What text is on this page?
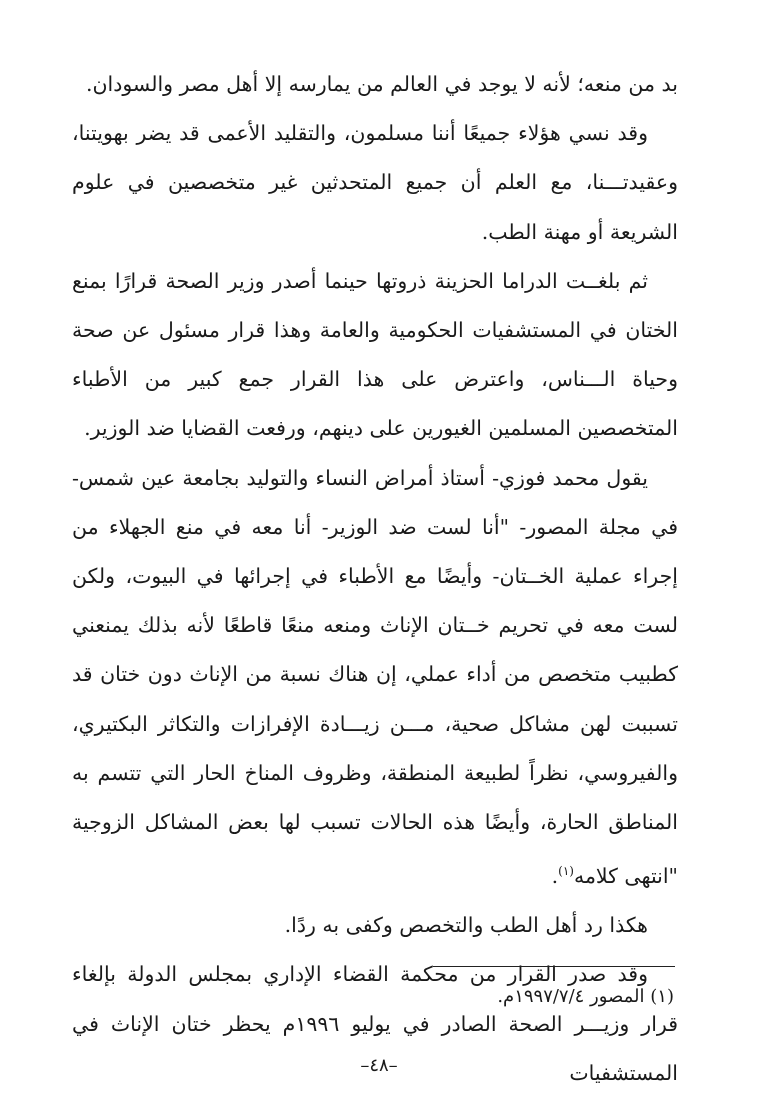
بد من منعه؛ لأنه لا يوجد في العالم من يمارسه إلا أهل مصر والسودان.

وقد نسي هؤلاء جميعًا أننا مسلمون، والتقليد الأعمى قد يضر بهويتنا، وعقيدتـــنا، مع العلم أن جميع المتحدثين غير متخصصين في علوم الشريعة أو مهنة الطب.

ثم بلغــت الدراما الحزينة ذروتها حينما أصدر وزير الصحة قرارًا بمنع الختان في المستشفيات الحكومية والعامة وهذا قرار مسئول عن صحة وحياة الـــناس، واعترض على هذا القرار جمع كبير من الأطباء المتخصصين المسلمين الغيورين على دينهم، ورفعت القضايا ضد الوزير.

يقول محمد فوزي- أستاذ أمراض النساء والتوليد بجامعة عين شمس-في مجلة المصور- "أنا لست ضد الوزير- أنا معه في منع الجهلاء من إجراء عملية الخــتان- وأيضًا مع الأطباء في إجرائها في البيوت، ولكن لست معه في تحريم خــتان الإناث ومنعه منعًا قاطعًا لأنه بذلك يمنعني كطبيب متخصص من أداء عملي، إن هناك نسبة من الإناث دون ختان قد تسببت لهن مشاكل صحية، مـــن زيـــادة الإفرازات والتكاثر البكتيري، والفيروسي، نظراً لطبيعة المنطقة، وظروف المناخ الحار التي تتسم به المناطق الحارة، وأيضًا هذه الحالات تسبب لها بعض المشاكل الزوجية "انتهى كلامه$^{(١)}$.

هكذا رد أهل الطب والتخصص وكفى به ردًا.

وقد صدر القرار من محكمة القضاء الإداري بمجلس الدولة بإلغاء قرار وزيـــر الصحة الصادر في يوليو ١٩٩٦م يحظر ختان الإناث في المستشفيات

(١) المصور ١٩٩٧/٧/٤م.
–٤٨–
